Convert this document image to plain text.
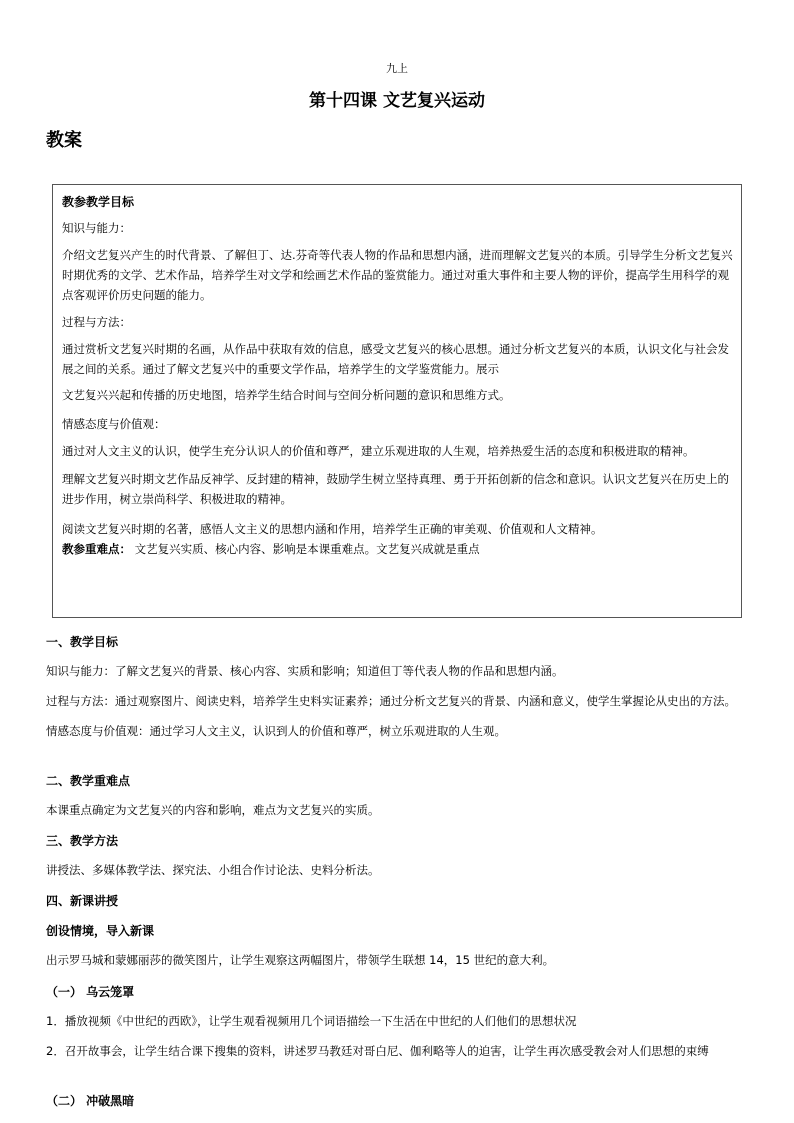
九上
第十四课 文艺复兴运动
教案

教参教学目标

知识与能力：

介绍文艺复兴产生的时代背景、了解但丁、达.芬奇等代表人物的作品和思想内涵，进而理解文艺复兴的本质。引导学生分析文艺复兴时期优秀的文学、艺术作品，培养学生对文学和绘画艺术作品的鉴赏能力。通过对重大事件和主要人物的评价，提高学生用科学的观点客观评价历史问题的能力。

过程与方法：

通过赏析文艺复兴时期的名画，从作品中获取有效的信息，感受文艺复兴的核心思想。通过分析文艺复兴的本质，认识文化与社会发展之间的关系。通过了解文艺复兴中的重要文学作品，培养学生的文学鉴赏能力。展示

文艺复兴兴起和传播的历史地图，培养学生结合时间与空间分析问题的意识和思维方式。

情感态度与价值观：

通过对人文主义的认识，使学生充分认识人的价值和尊严，建立乐观进取的人生观，培养热爱生活的态度和积极进取的精神。

理解文艺复兴时期文艺作品反神学、反封建的精神，鼓励学生树立坚持真理、勇于开拓创新的信念和意识。认识文艺复兴在历史上的进步作用，树立崇尚科学、积极进取的精神。

阅读文艺复兴时期的名著，感悟人文主义的思想内涵和作用，培养学生正确的审美观、价值观和人文精神。

教参重难点： 文艺复兴实质、核心内容、影响是本课重难点。文艺复兴成就是重点

一、教学目标

知识与能力：了解文艺复兴的背景、核心内容、实质和影响；知道但丁等代表人物的作品和思想内涵。

过程与方法：通过观察图片、阅读史料，培养学生史料实证素养；通过分析文艺复兴的背景、内涵和意义，使学生掌握论从史出的方法。

情感态度与价值观：通过学习人文主义，认识到人的价值和尊严，树立乐观进取的人生观。

二、教学重难点

本课重点确定为文艺复兴的内容和影响，难点为文艺复兴的实质。

三、教学方法

讲授法、多媒体教学法、探究法、小组合作讨论法、史料分析法。

四、新课讲授

创设情境，导入新课

出示罗马城和蒙娜丽莎的微笑图片，让学生观察这两幅图片，带领学生联想 14，15 世纪的意大利。

（一） 乌云笼罩

1．播放视频《中世纪的西欧》，让学生观看视频用几个词语描绘一下生活在中世纪的人们他们的思想状况

2．召开故事会，让学生结合课下搜集的资料，讲述罗马教廷对哥白尼、伽利略等人的迫害，让学生再次感受教会对人们思想的束缚

（二） 冲破黑暗
